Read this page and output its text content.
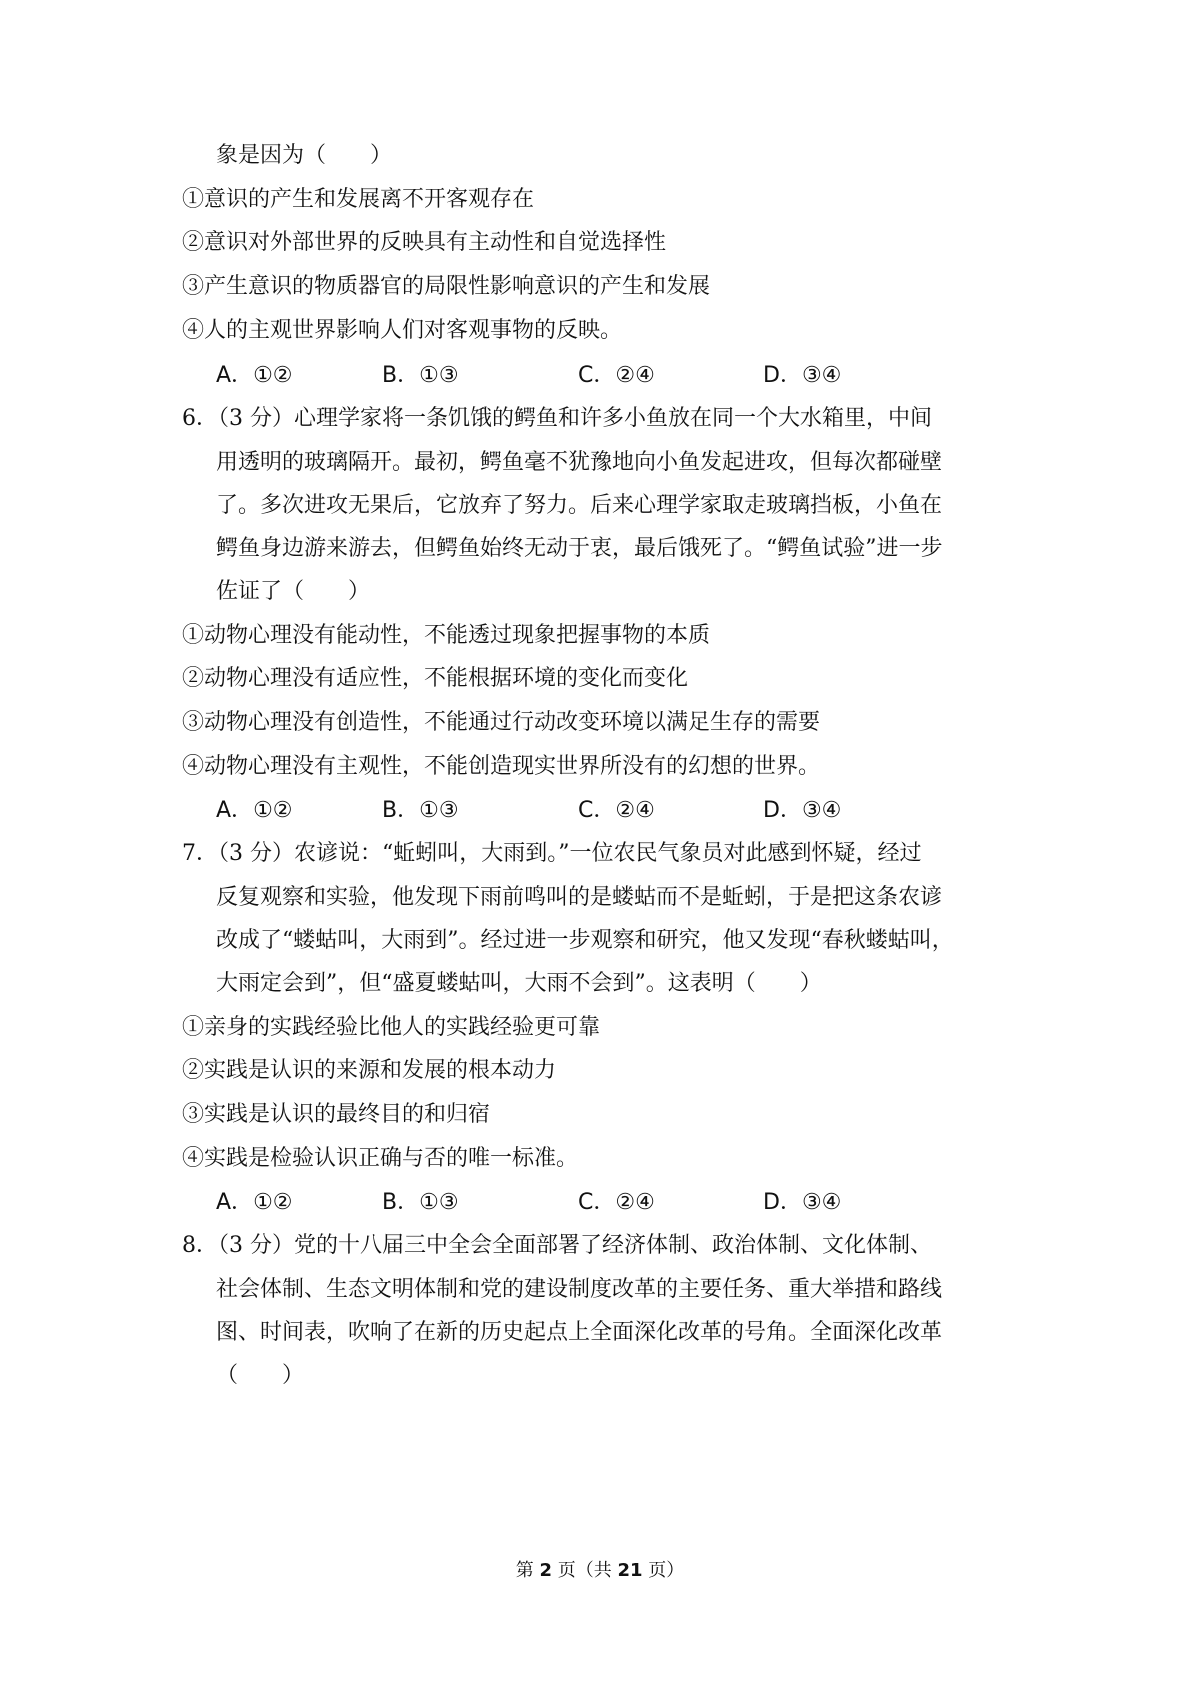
象是因为（　　）
①意识的产生和发展离不开客观存在
②意识对外部世界的反映具有主动性和自觉选择性
③产生意识的物质器官的局限性影响意识的产生和发展
④人的主观世界影响人们对客观事物的反映。
A．①②	B．①③	C．②④	D．③④
6．（3 分）心理学家将一条饥饿的鳄鱼和许多小鱼放在同一个大水箱里，中间
用透明的玻璃隔开。最初，鳄鱼毫不犹豫地向小鱼发起进攻，但每次都碰壁
了。多次进攻无果后，它放弃了努力。后来心理学家取走玻璃挡板，小鱼在
鳄鱼身边游来游去，但鳄鱼始终无动于衷，最后饿死了。“鳄鱼试验”进一步
佐证了（　　）
①动物心理没有能动性，不能透过现象把握事物的本质
②动物心理没有适应性，不能根据环境的变化而变化
③动物心理没有创造性，不能通过行动改变环境以满足生存的需要
④动物心理没有主观性，不能创造现实世界所没有的幻想的世界。
A．①②	B．①③	C．②④	D．③④
7．（3 分）农谚说：“蚯蚓叫，大雨到。”一位农民气象员对此感到怀疑，经过
反复观察和实验，他发现下雨前鸣叫的是蝼蛄而不是蚯蚓，于是把这条农谚
改成了“蝼蛄叫，大雨到”。经过进一步观察和研究，他又发现“春秋蝼蛄叫，
大雨定会到”，但“盛夏蝼蛄叫，大雨不会到”。这表明（　　）
①亲身的实践经验比他人的实践经验更可靠
②实践是认识的来源和发展的根本动力
③实践是认识的最终目的和归宿
④实践是检验认识正确与否的唯一标准。
A．①②	B．①③	C．②④	D．③④
8．（3 分）党的十八届三中全会全面部署了经济体制、政治体制、文化体制、
社会体制、生态文明体制和党的建设制度改革的主要任务、重大举措和路线
图、时间表，吹响了在新的历史起点上全面深化改革的号角。全面深化改革
（　　）
第 2 页（共 21 页）
